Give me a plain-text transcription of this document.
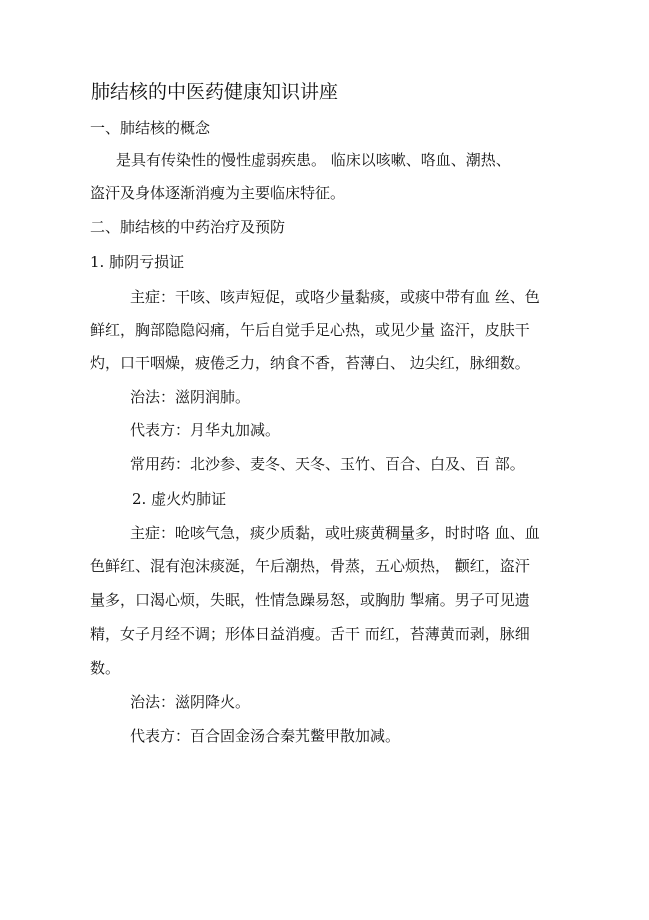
肺结核的中医药健康知识讲座
一、肺结核的概念
是具有传染性的慢性虚弱疾患。 临床以咳嗽、咯血、潮热、
盗汗及身体逐渐消瘦为主要临床特征。
二、肺结核的中药治疗及预防
1. 肺阴亏损证
主症：干咳、咳声短促，或咯少量黏痰，或痰中带有血 丝、色
鲜红，胸部隐隐闷痛，午后自觉手足心热，或见少量 盗汗，皮肤干
灼，口干咽燥，疲倦乏力，纳食不香，苔薄白、 边尖红，脉细数。
治法：滋阴润肺。
代表方：月华丸加减。
常用药：北沙参、麦冬、天冬、玉竹、百合、白及、百 部。
2. 虚火灼肺证
主症：呛咳气急，痰少质黏，或吐痰黄稠量多，时时咯 血、血
色鲜红、混有泡沫痰涎，午后潮热，骨蒸，五心烦热， 颧红，盗汗
量多，口渴心烦，失眠，性情急躁易怒，或胸肋 掣痛。男子可见遗
精，女子月经不调；形体日益消瘦。舌干 而红，苔薄黄而剥，脉细
数。
治法：滋阴降火。
代表方：百合固金汤合秦艽鳖甲散加减。
